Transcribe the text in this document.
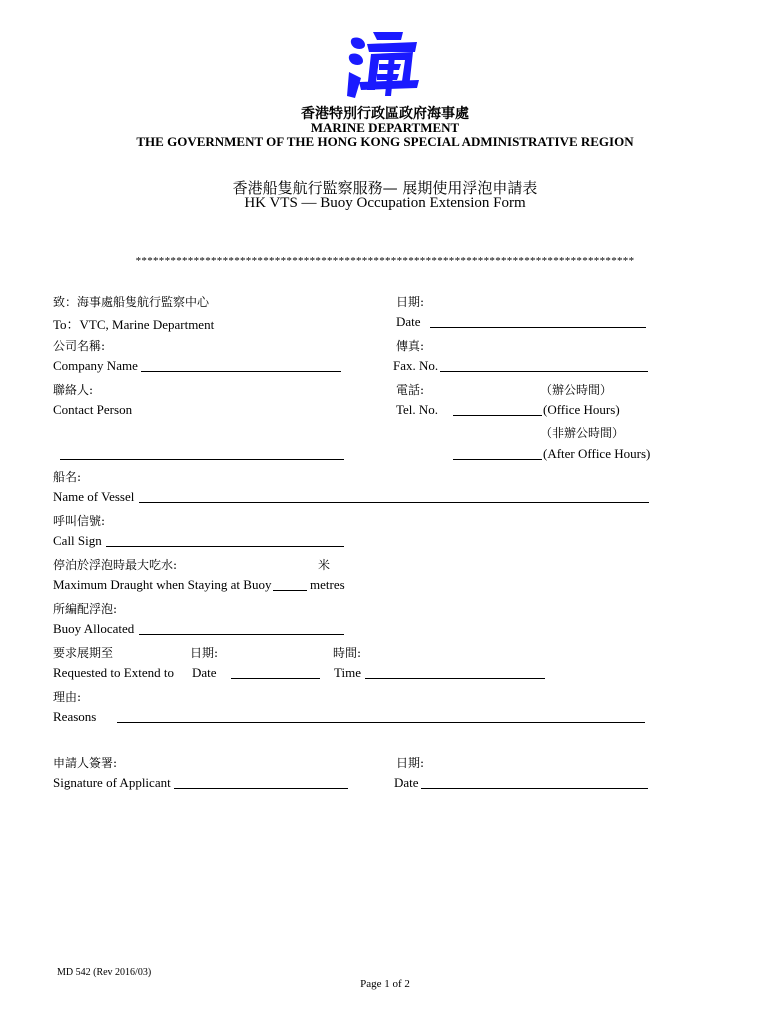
香港特別行政區政府海事處
MARINE DEPARTMENT
THE GOVERNMENT OF THE HONG KONG SPECIAL ADMINISTRATIVE REGION
香港船隻航行監察服務— 展期使用浮泡申請表
HK VTS — Buoy Occupation Extension Form
**************************************************************************************
致：海事處船隻航行監察中心	日期:
To：VTC, Marine Department	Date
公司名稱:	傳真:
Company Name	Fax. No.
聯絡人:	電話:	（辦公時間）
Contact Person	Tel. No.	(Office Hours)
（非辦公時間）
(After Office Hours)
船名:
Name of Vessel
呼叫信號:
Call Sign
停泊於浮泡時最大吃水:	米
Maximum Draught when Staying at Buoy	metres
所編配浮泡:
Buoy Allocated
要求展期至	日期:	時間:
Requested to Extend to Date	Time
理由:
Reasons
申請人簽署:	日期:
Signature of Applicant	Date
MD 542 (Rev 2016/03)
Page 1 of 2
